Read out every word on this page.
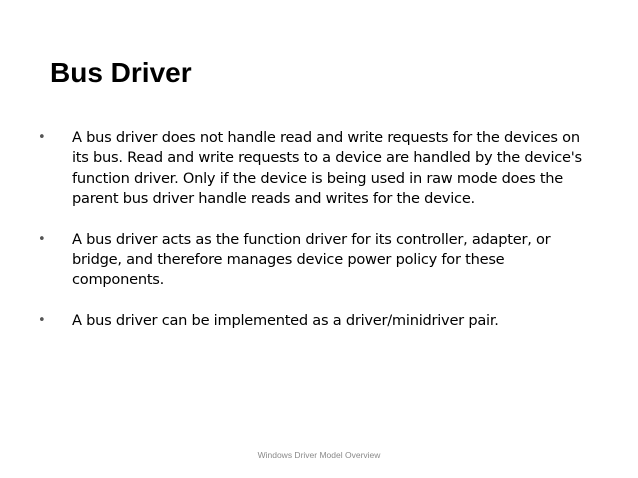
Bus Driver
•	A bus driver does not handle read and write requests for the devices on its bus. Read and write requests to a device are handled by the device's function driver. Only if the device is being used in raw mode does the parent bus driver handle reads and writes for the device.
•	A bus driver acts as the function driver for its controller, adapter, or bridge, and therefore manages device power policy for these components.
•	A bus driver can be implemented as a driver/minidriver pair.
Windows Driver Model Overview
